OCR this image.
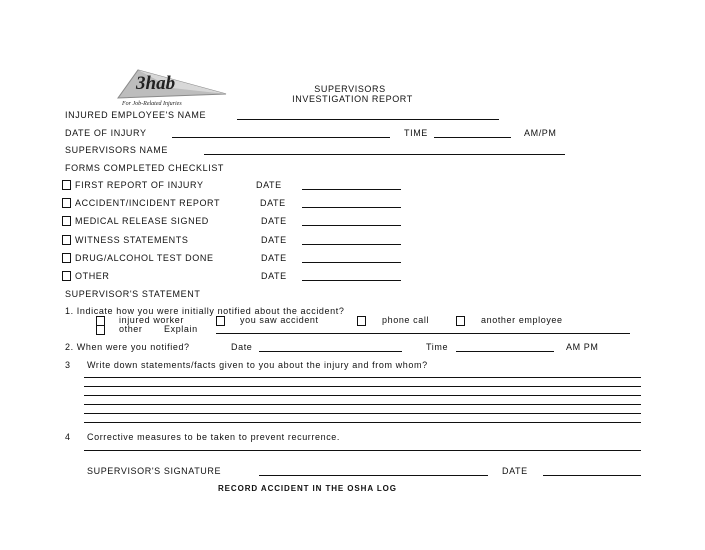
3hab
For Job-Related Injuries
SUPERVISORS
INVESTIGATION REPORT
INJURED EMPLOYEE'S NAME
DATE OF INJURY	TIME	AM/PM
SUPERVISORS NAME
FORMS COMPLETED CHECKLIST
FIRST REPORT OF INJURY	DATE
ACCIDENT/INCIDENT REPORT	DATE
MEDICAL RELEASE SIGNED	DATE
WITNESS STATEMENTS	DATE
DRUG/ALCOHOL TEST DONE	DATE
OTHER	DATE
SUPERVISOR'S STATEMENT
1. Indicate how you were initially notified about the accident?
injured worker	you saw accident	phone call	another employee
other Explain
2. When were you notified?	Date	Time	AM PM
3 Write down statements/facts given to you about the injury and from whom?
4 Corrective measures to be taken to prevent recurrence.
SUPERVISOR'S SIGNATURE	DATE
RECORD ACCIDENT IN THE OSHA LOG
